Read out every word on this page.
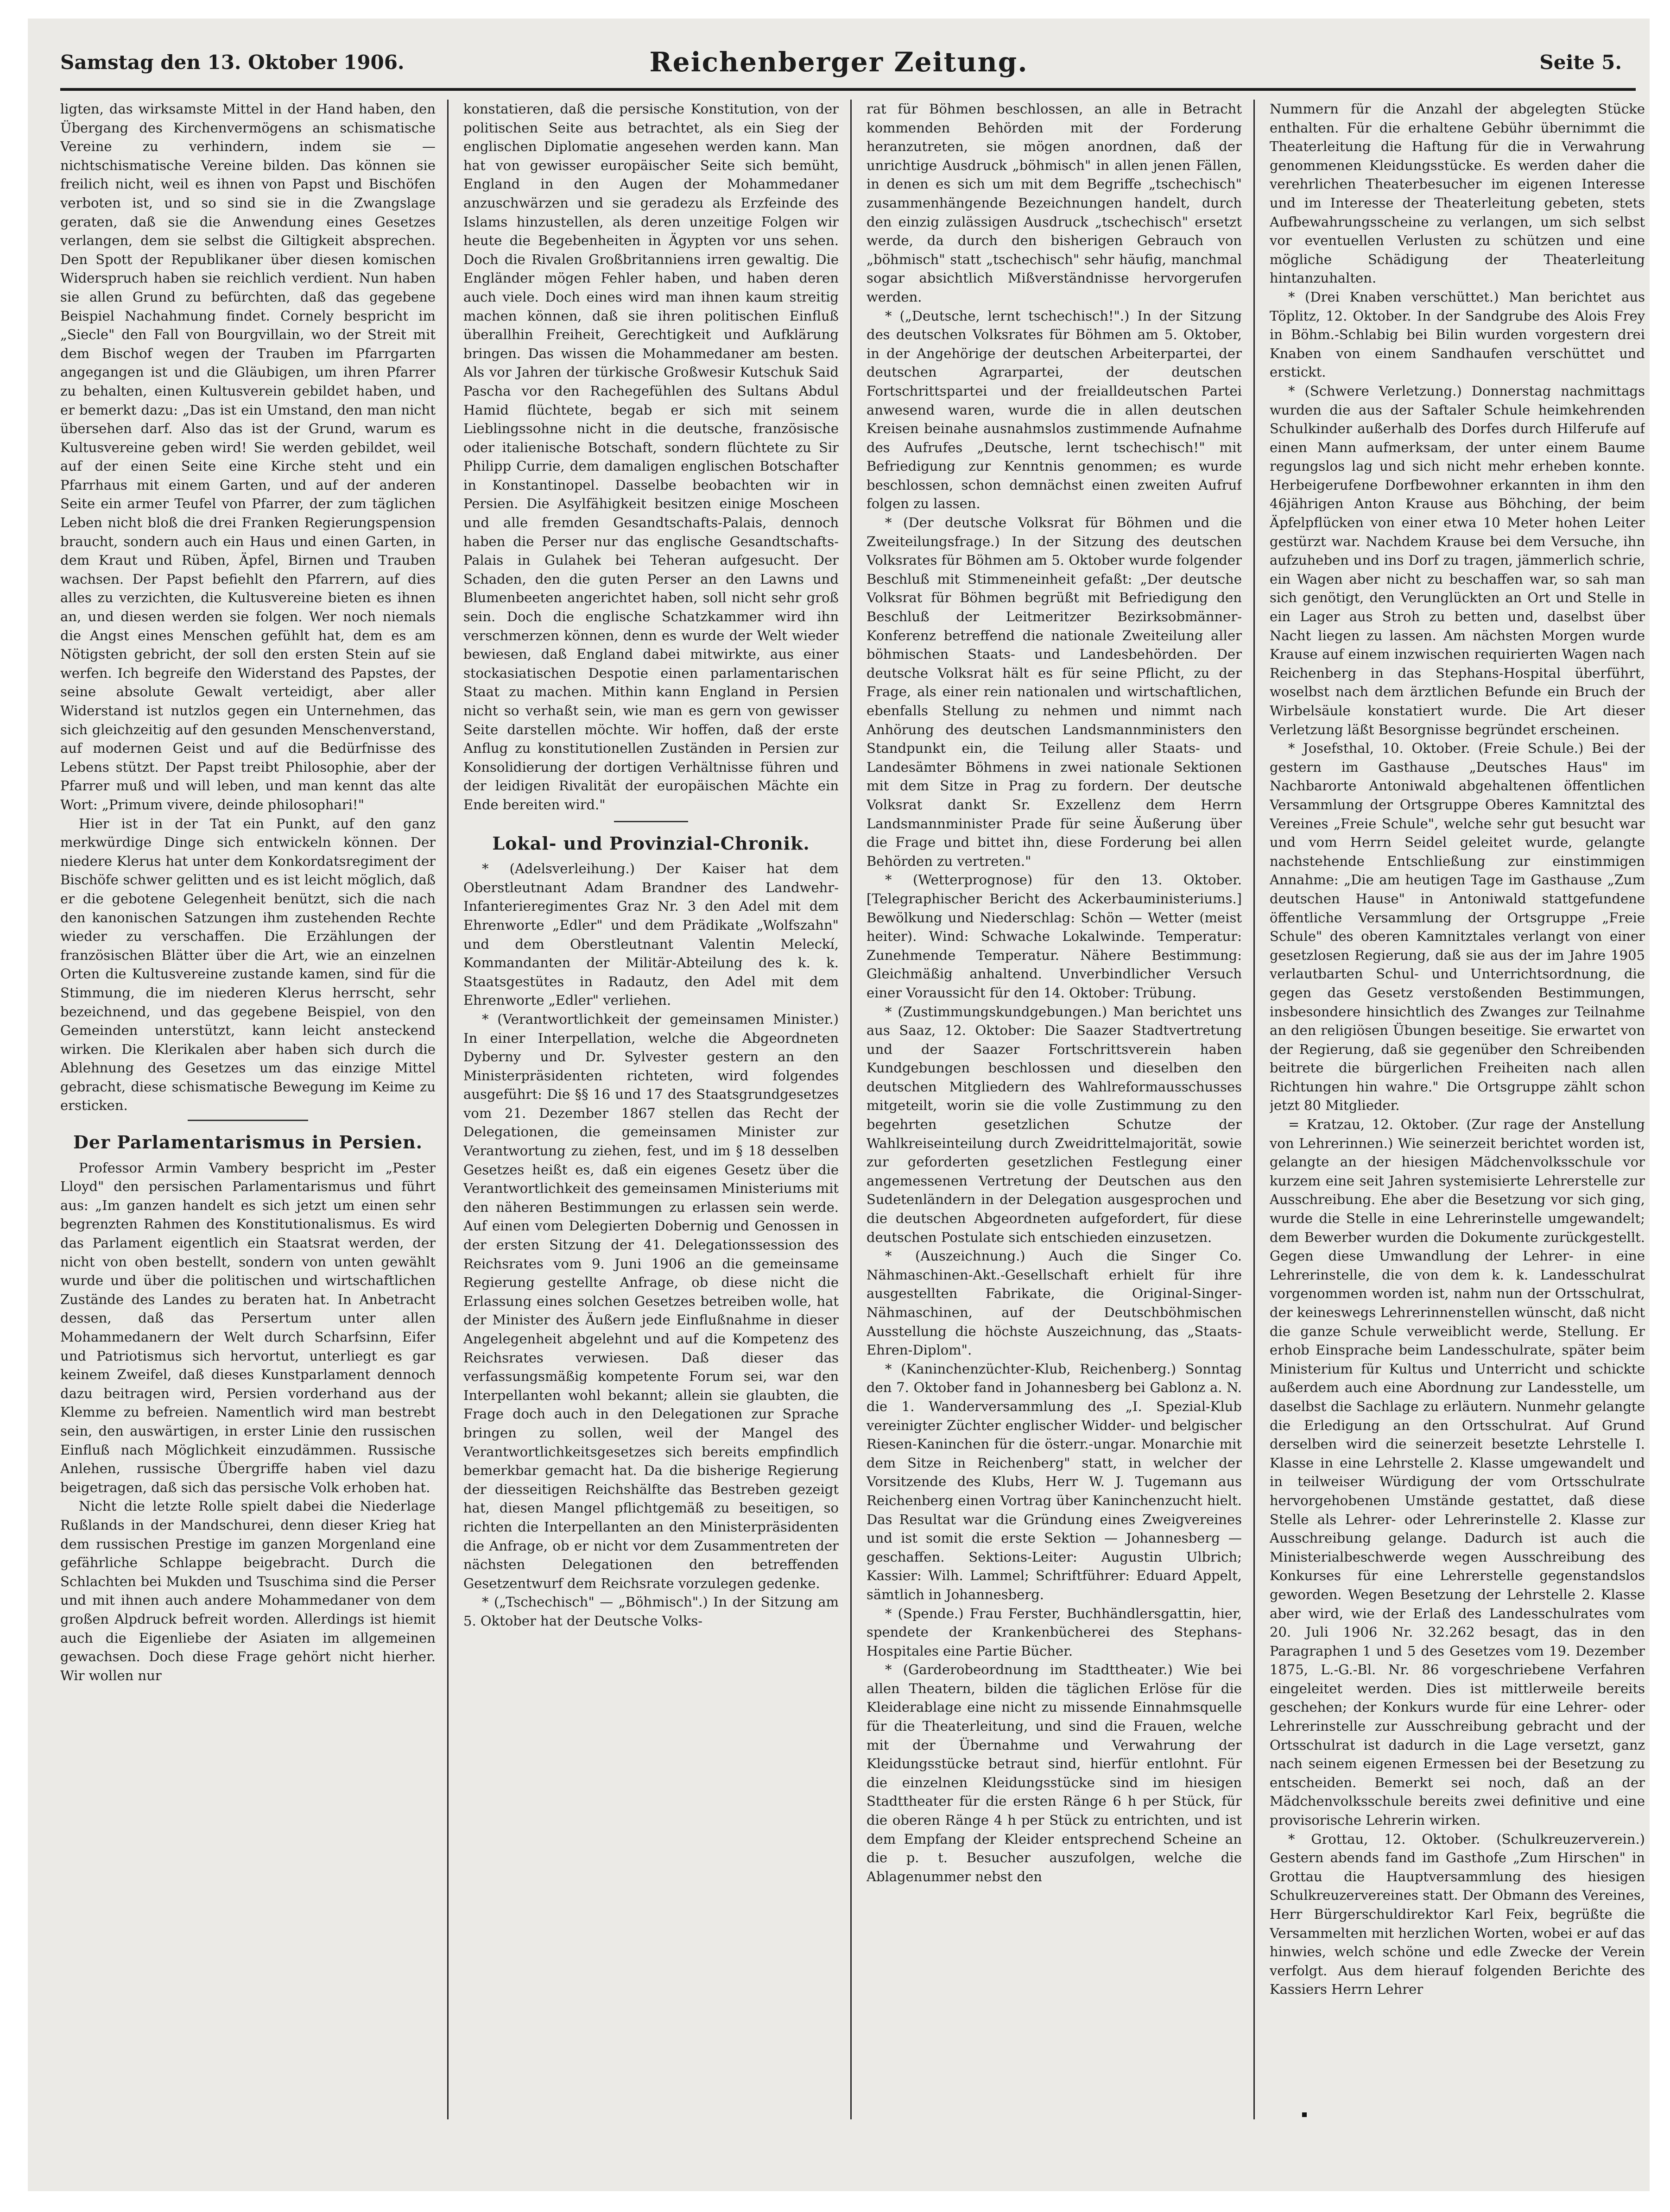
Samstag den 13. Oktober 1906.	Reichenberger Zeitung.	Seite 5.

ligten, das wirksamste Mittel in der Hand haben, den Übergang des Kirchenvermögens an schismatische Vereine zu verhindern, indem sie — nichtschismatische Vereine bilden. Das können sie freilich nicht, weil es ihnen von Papst und Bischöfen verboten ist, und so sind sie in die Zwangslage geraten, daß sie die Anwendung eines Gesetzes verlangen, dem sie selbst die Giltigkeit absprechen. Den Spott der Republikaner über diesen komischen Widerspruch haben sie reichlich verdient. Nun haben sie allen Grund zu befürchten, daß das gegebene Beispiel Nachahmung findet. Cornely bespricht im „Siecle" den Fall von Bourgvillain, wo der Streit mit dem Bischof wegen der Trauben im Pfarrgarten angegangen ist und die Gläubigen, um ihren Pfarrer zu behalten, einen Kultusverein gebildet haben, und er bemerkt dazu: „Das ist ein Umstand, den man nicht übersehen darf. Also das ist der Grund, warum es Kultusvereine geben wird! Sie werden gebildet, weil auf der einen Seite eine Kirche steht und ein Pfarrhaus mit einem Garten, und auf der anderen Seite ein armer Teufel von Pfarrer, der zum täglichen Leben nicht bloß die drei Franken Regierungspension braucht, sondern auch ein Haus und einen Garten, in dem Kraut und Rüben, Äpfel, Birnen und Trauben wachsen. Der Papst befiehlt den Pfarrern, auf dies alles zu verzichten, die Kultusvereine bieten es ihnen an, und diesen werden sie folgen. Wer noch niemals die Angst eines Menschen gefühlt hat, dem es am Nötigsten gebricht, der soll den ersten Stein auf sie werfen. Ich begreife den Widerstand des Papstes, der seine absolute Gewalt verteidigt, aber aller Widerstand ist nutzlos gegen ein Unternehmen, das sich gleichzeitig auf den gesunden Menschenverstand, auf modernen Geist und auf die Bedürfnisse des Lebens stützt. Der Papst treibt Philosophie, aber der Pfarrer muß und will leben, und man kennt das alte Wort: „Primum vivere, deinde philosophari!"

Hier ist in der Tat ein Punkt, auf den ganz merkwürdige Dinge sich entwickeln können. Der niedere Klerus hat unter dem Konkordatsregiment der Bischöfe schwer gelitten und es ist leicht möglich, daß er die gebotene Gelegenheit benützt, sich die nach den kanonischen Satzungen ihm zustehenden Rechte wieder zu verschaffen. Die Erzählungen der französischen Blätter über die Art, wie an einzelnen Orten die Kultusvereine zustande kamen, sind für die Stimmung, die im niederen Klerus herrscht, sehr bezeichnend, und das gegebene Beispiel, von den Gemeinden unterstützt, kann leicht ansteckend wirken. Die Klerikalen aber haben sich durch die Ablehnung des Gesetzes um das einzige Mittel gebracht, diese schismatische Bewegung im Keime zu ersticken.

Der Parlamentarismus in Persien.

Professor Armin Vambery bespricht im „Pester Lloyd" den persischen Parlamentarismus und führt aus: „Im ganzen handelt es sich jetzt um einen sehr begrenzten Rahmen des Konstitutionalismus. Es wird das Parlament eigentlich ein Staatsrat werden, der nicht von oben bestellt, sondern von unten gewählt wurde und über die politischen und wirtschaftlichen Zustände des Landes zu beraten hat. In Anbetracht dessen, daß das Persertum unter allen Mohammedanern der Welt durch Scharfsinn, Eifer und Patriotismus sich hervortut, unterliegt es gar keinem Zweifel, daß dieses Kunstparlament dennoch dazu beitragen wird, Persien vorderhand aus der Klemme zu befreien. Namentlich wird man bestrebt sein, den auswärtigen, in erster Linie den russischen Einfluß nach Möglichkeit einzudämmen. Russische Anlehen, russische Übergriffe haben viel dazu beigetragen, daß sich das persische Volk erhoben hat.

Nicht die letzte Rolle spielt dabei die Niederlage Rußlands in der Mandschurei, denn dieser Krieg hat dem russischen Prestige im ganzen Morgenland eine gefährliche Schlappe beigebracht. Durch die Schlachten bei Mukden und Tsuschima sind die Perser und mit ihnen auch andere Mohammedaner von dem großen Alpdruck befreit worden. Allerdings ist hiemit auch die Eigenliebe der Asiaten im allgemeinen gewachsen. Doch diese Frage gehört nicht hierher. Wir wollen nur

konstatieren, daß die persische Konstitution, von der politischen Seite aus betrachtet, als ein Sieg der englischen Diplomatie angesehen werden kann. Man hat von gewisser europäischer Seite sich bemüht, England in den Augen der Mohammedaner anzuschwärzen und sie geradezu als Erzfeinde des Islams hinzustellen, als deren unzeitige Folgen wir heute die Begebenheiten in Ägypten vor uns sehen. Doch die Rivalen Großbritanniens irren gewaltig. Die Engländer mögen Fehler haben, und haben deren auch viele. Doch eines wird man ihnen kaum streitig machen können, daß sie ihren politischen Einfluß überallhin Freiheit, Gerechtigkeit und Aufklärung bringen. Das wissen die Mohammedaner am besten. Als vor Jahren der türkische Großwesir Kutschuk Said Pascha vor den Rachegefühlen des Sultans Abdul Hamid flüchtete, begab er sich mit seinem Lieblingssohne nicht in die deutsche, französische oder italienische Botschaft, sondern flüchtete zu Sir Philipp Currie, dem damaligen englischen Botschafter in Konstantinopel. Dasselbe beobachten wir in Persien. Die Asylfähigkeit besitzen einige Moscheen und alle fremden Gesandtschafts-Palais, dennoch haben die Perser nur das englische Gesandtschafts-Palais in Gulahek bei Teheran aufgesucht. Der Schaden, den die guten Perser an den Lawns und Blumenbeeten angerichtet haben, soll nicht sehr groß sein. Doch die englische Schatzkammer wird ihn verschmerzen können, denn es wurde der Welt wieder bewiesen, daß England dabei mitwirkte, aus einer stockasiatischen Despotie einen parlamentarischen Staat zu machen. Mithin kann England in Persien nicht so verhaßt sein, wie man es gern von gewisser Seite darstellen möchte. Wir hoffen, daß der erste Anflug zu konstitutionellen Zuständen in Persien zur Konsolidierung der dortigen Verhältnisse führen und der leidigen Rivalität der europäischen Mächte ein Ende bereiten wird."

Lokal- und Provinzial-Chronik.

* (Adelsverleihung.) Der Kaiser hat dem Oberstleutnant Adam Brandner des Landwehr-Infanterieregimentes Graz Nr. 3 den Adel mit dem Ehrenworte „Edler" und dem Prädikate „Wolfszahn" und dem Oberstleutnant Valentin Meleckí, Kommandanten der Militär-Abteilung des k. k. Staatsgestütes in Radautz, den Adel mit dem Ehrenworte „Edler" verliehen.

* (Verantwortlichkeit der gemeinsamen Minister.) In einer Interpellation, welche die Abgeordneten Dyberny und Dr. Sylvester gestern an den Ministerpräsidenten richteten, wird folgendes ausgeführt: Die §§ 16 und 17 des Staatsgrundgesetzes vom 21. Dezember 1867 stellen das Recht der Delegationen, die gemeinsamen Minister zur Verantwortung zu ziehen, fest, und im § 18 desselben Gesetzes heißt es, daß ein eigenes Gesetz über die Verantwortlichkeit des gemeinsamen Ministeriums mit den näheren Bestimmungen zu erlassen sein werde. Auf einen vom Delegierten Dobernig und Genossen in der ersten Sitzung der 41. Delegationssession des Reichsrates vom 9. Juni 1906 an die gemeinsame Regierung gestellte Anfrage, ob diese nicht die Erlassung eines solchen Gesetzes betreiben wolle, hat der Minister des Äußern jede Einflußnahme in dieser Angelegenheit abgelehnt und auf die Kompetenz des Reichsrates verwiesen. Daß dieser das verfassungsmäßig kompetente Forum sei, war den Interpellanten wohl bekannt; allein sie glaubten, die Frage doch auch in den Delegationen zur Sprache bringen zu sollen, weil der Mangel des Verantwortlichkeitsgesetzes sich bereits empfindlich bemerkbar gemacht hat. Da die bisherige Regierung der diesseitigen Reichshälfte das Bestreben gezeigt hat, diesen Mangel pflichtgemäß zu beseitigen, so richten die Interpellanten an den Ministerpräsidenten die Anfrage, ob er nicht vor dem Zusammentreten der nächsten Delegationen den betreffenden Gesetzentwurf dem Reichsrate vorzulegen gedenke.

* („Tschechisch" — „Böhmisch".) In der Sitzung am 5. Oktober hat der Deutsche Volks-

rat für Böhmen beschlossen, an alle in Betracht kommenden Behörden mit der Forderung heranzutreten, sie mögen anordnen, daß der unrichtige Ausdruck „böhmisch" in allen jenen Fällen, in denen es sich um mit dem Begriffe „tschechisch" zusammenhängende Bezeichnungen handelt, durch den einzig zulässigen Ausdruck „tschechisch" ersetzt werde, da durch den bisherigen Gebrauch von „böhmisch" statt „tschechisch" sehr häufig, manchmal sogar absichtlich Mißverständnisse hervorgerufen werden.

* („Deutsche, lernt tschechisch!".) In der Sitzung des deutschen Volksrates für Böhmen am 5. Oktober, in der Angehörige der deutschen Arbeiterpartei, der deutschen Agrarpartei, der deutschen Fortschrittspartei und der freialldeutschen Partei anwesend waren, wurde die in allen deutschen Kreisen beinahe ausnahmslos zustimmende Aufnahme des Aufrufes „Deutsche, lernt tschechisch!" mit Befriedigung zur Kenntnis genommen; es wurde beschlossen, schon demnächst einen zweiten Aufruf folgen zu lassen.

* (Der deutsche Volksrat für Böhmen und die Zweiteilungsfrage.) In der Sitzung des deutschen Volksrates für Böhmen am 5. Oktober wurde folgender Beschluß mit Stimmeneinheit gefaßt: „Der deutsche Volksrat für Böhmen begrüßt mit Befriedigung den Beschluß der Leitmeritzer Bezirksobmänner-Konferenz betreffend die nationale Zweiteilung aller böhmischen Staats- und Landesbehörden. Der deutsche Volksrat hält es für seine Pflicht, zu der Frage, als einer rein nationalen und wirtschaftlichen, ebenfalls Stellung zu nehmen und nimmt nach Anhörung des deutschen Landsmannministers den Standpunkt ein, die Teilung aller Staats- und Landesämter Böhmens in zwei nationale Sektionen mit dem Sitze in Prag zu fordern. Der deutsche Volksrat dankt Sr. Exzellenz dem Herrn Landsmannminister Prade für seine Äußerung über die Frage und bittet ihn, diese Forderung bei allen Behörden zu vertreten."

* (Wetterprognose) für den 13. Oktober. [Telegraphischer Bericht des Ackerbauministeriums.] Bewölkung und Niederschlag: Schön — Wetter (meist heiter). Wind: Schwache Lokalwinde. Temperatur: Zunehmende Temperatur. Nähere Bestimmung: Gleichmäßig anhaltend. Unverbindlicher Versuch einer Voraussicht für den 14. Oktober: Trübung.

* (Zustimmungskundgebungen.) Man berichtet uns aus Saaz, 12. Oktober: Die Saazer Stadtvertretung und der Saazer Fortschrittsverein haben Kundgebungen beschlossen und dieselben den deutschen Mitgliedern des Wahlreformausschusses mitgeteilt, worin sie die volle Zustimmung zu den begehrten gesetzlichen Schutze der Wahlkreiseinteilung durch Zweidrittelmajorität, sowie zur geforderten gesetzlichen Festlegung einer angemessenen Vertretung der Deutschen aus den Sudetenländern in der Delegation ausgesprochen und die deutschen Abgeordneten aufgefordert, für diese deutschen Postulate sich entschieden einzusetzen.

* (Auszeichnung.) Auch die Singer Co. Nähmaschinen-Akt.-Gesellschaft erhielt für ihre ausgestellten Fabrikate, die Original-Singer-Nähmaschinen, auf der Deutschböhmischen Ausstellung die höchste Auszeichnung, das „Staats-Ehren-Diplom".

* (Kaninchenzüchter-Klub, Reichenberg.) Sonntag den 7. Oktober fand in Johannesberg bei Gablonz a. N. die 1. Wanderversammlung des „I. Spezial-Klub vereinigter Züchter englischer Widder- und belgischer Riesen-Kaninchen für die österr.-ungar. Monarchie mit dem Sitze in Reichenberg" statt, in welcher der Vorsitzende des Klubs, Herr W. J. Tugemann aus Reichenberg einen Vortrag über Kaninchenzucht hielt. Das Resultat war die Gründung eines Zweigvereines und ist somit die erste Sektion — Johannesberg — geschaffen. Sektions-Leiter: Augustin Ulbrich; Kassier: Wilh. Lammel; Schriftführer: Eduard Appelt, sämtlich in Johannesberg.

* (Spende.) Frau Ferster, Buchhändlersgattin, hier, spendete der Krankenbücherei des Stephans-Hospitales eine Partie Bücher.

* (Garderobeordnung im Stadttheater.) Wie bei allen Theatern, bilden die täglichen Erlöse für die Kleiderablage eine nicht zu missende Einnahmsquelle für die Theaterleitung, und sind die Frauen, welche mit der Übernahme und Verwahrung der Kleidungsstücke betraut sind, hierfür entlohnt. Für die einzelnen Kleidungsstücke sind im hiesigen Stadttheater für die ersten Ränge 6 h per Stück, für die oberen Ränge 4 h per Stück zu entrichten, und ist dem Empfang der Kleider entsprechend Scheine an die p. t. Besucher auszufolgen, welche die Ablagenummer nebst den

Nummern für die Anzahl der abgelegten Stücke enthalten. Für die erhaltene Gebühr übernimmt die Theaterleitung die Haftung für die in Verwahrung genommenen Kleidungsstücke. Es werden daher die verehrlichen Theaterbesucher im eigenen Interesse und im Interesse der Theaterleitung gebeten, stets Aufbewahrungsscheine zu verlangen, um sich selbst vor eventuellen Verlusten zu schützen und eine mögliche Schädigung der Theaterleitung hintanzuhalten.

* (Drei Knaben verschüttet.) Man berichtet aus Töplitz, 12. Oktober. In der Sandgrube des Alois Frey in Böhm.-Schlabig bei Bilin wurden vorgestern drei Knaben von einem Sandhaufen verschüttet und erstickt.

* (Schwere Verletzung.) Donnerstag nachmittags wurden die aus der Saftaler Schule heimkehrenden Schulkinder außerhalb des Dorfes durch Hilferufe auf einen Mann aufmerksam, der unter einem Baume regungslos lag und sich nicht mehr erheben konnte. Herbeigerufene Dorfbewohner erkannten in ihm den 46jährigen Anton Krause aus Böhching, der beim Äpfelpflücken von einer etwa 10 Meter hohen Leiter gestürzt war. Nachdem Krause bei dem Versuche, ihn aufzuheben und ins Dorf zu tragen, jämmerlich schrie, ein Wagen aber nicht zu beschaffen war, so sah man sich genötigt, den Verunglückten an Ort und Stelle in ein Lager aus Stroh zu betten und, daselbst über Nacht liegen zu lassen. Am nächsten Morgen wurde Krause auf einem inzwischen requirierten Wagen nach Reichenberg in das Stephans-Hospital überführt, woselbst nach dem ärztlichen Befunde ein Bruch der Wirbelsäule konstatiert wurde. Die Art dieser Verletzung läßt Besorgnisse begründet erscheinen.

* Josefsthal, 10. Oktober. (Freie Schule.) Bei der gestern im Gasthause „Deutsches Haus" im Nachbarorte Antoniwald abgehaltenen öffentlichen Versammlung der Ortsgruppe Oberes Kamnitztal des Vereines „Freie Schule", welche sehr gut besucht war und vom Herrn Seidel geleitet wurde, gelangte nachstehende Entschließung zur einstimmigen Annahme: „Die am heutigen Tage im Gasthause „Zum deutschen Hause" in Antoniwald stattgefundene öffentliche Versammlung der Ortsgruppe „Freie Schule" des oberen Kamnitztales verlangt von einer gesetzlosen Regierung, daß sie aus der im Jahre 1905 verlautbarten Schul- und Unterrichtsordnung, die gegen das Gesetz verstoßenden Bestimmungen, insbesondere hinsichtlich des Zwanges zur Teilnahme an den religiösen Übungen beseitige. Sie erwartet von der Regierung, daß sie gegenüber den Schreibenden beitrete die bürgerlichen Freiheiten nach allen Richtungen hin wahre." Die Ortsgruppe zählt schon jetzt 80 Mitglieder.

= Kratzau, 12. Oktober. (Zur rage der Anstellung von Lehrerinnen.) Wie seinerzeit berichtet worden ist, gelangte an der hiesigen Mädchenvolksschule vor kurzem eine seit Jahren systemisierte Lehrerstelle zur Ausschreibung. Ehe aber die Besetzung vor sich ging, wurde die Stelle in eine Lehrerinstelle umgewandelt; dem Bewerber wurden die Dokumente zurückgestellt. Gegen diese Umwandlung der Lehrer- in eine Lehrerinstelle, die von dem k. k. Landesschulrat vorgenommen worden ist, nahm nun der Ortsschulrat, der keineswegs Lehrerinnenstellen wünscht, daß nicht die ganze Schule verweiblicht werde, Stellung. Er erhob Einsprache beim Landesschulrate, später beim Ministerium für Kultus und Unterricht und schickte außerdem auch eine Abordnung zur Landesstelle, um daselbst die Sachlage zu erläutern. Nunmehr gelangte die Erledigung an den Ortsschulrat. Auf Grund derselben wird die seinerzeit besetzte Lehrstelle I. Klasse in eine Lehrstelle 2. Klasse umgewandelt und in teilweiser Würdigung der vom Ortsschulrate hervorgehobenen Umstände gestattet, daß diese Stelle als Lehrer- oder Lehrerinstelle 2. Klasse zur Ausschreibung gelange. Dadurch ist auch die Ministerialbeschwerde wegen Ausschreibung des Konkurses für eine Lehrerstelle gegenstandslos geworden. Wegen Besetzung der Lehrstelle 2. Klasse aber wird, wie der Erlaß des Landesschulrates vom 20. Juli 1906 Nr. 32.262 besagt, das in den Paragraphen 1 und 5 des Gesetzes vom 19. Dezember 1875, L.-G.-Bl. Nr. 86 vorgeschriebene Verfahren eingeleitet werden. Dies ist mittlerweile bereits geschehen; der Konkurs wurde für eine Lehrer- oder Lehrerinstelle zur Ausschreibung gebracht und der Ortsschulrat ist dadurch in die Lage versetzt, ganz nach seinem eigenen Ermessen bei der Besetzung zu entscheiden. Bemerkt sei noch, daß an der Mädchenvolksschule bereits zwei definitive und eine provisorische Lehrerin wirken.

* Grottau, 12. Oktober. (Schulkreuzerverein.) Gestern abends fand im Gasthofe „Zum Hirschen" in Grottau die Hauptversammlung des hiesigen Schulkreuzervereines statt. Der Obmann des Vereines, Herr Bürgerschuldirektor Karl Feix, begrüßte die Versammelten mit herzlichen Worten, wobei er auf das hinwies, welch schöne und edle Zwecke der Verein verfolgt. Aus dem hierauf folgenden Berichte des Kassiers Herrn Lehrer
